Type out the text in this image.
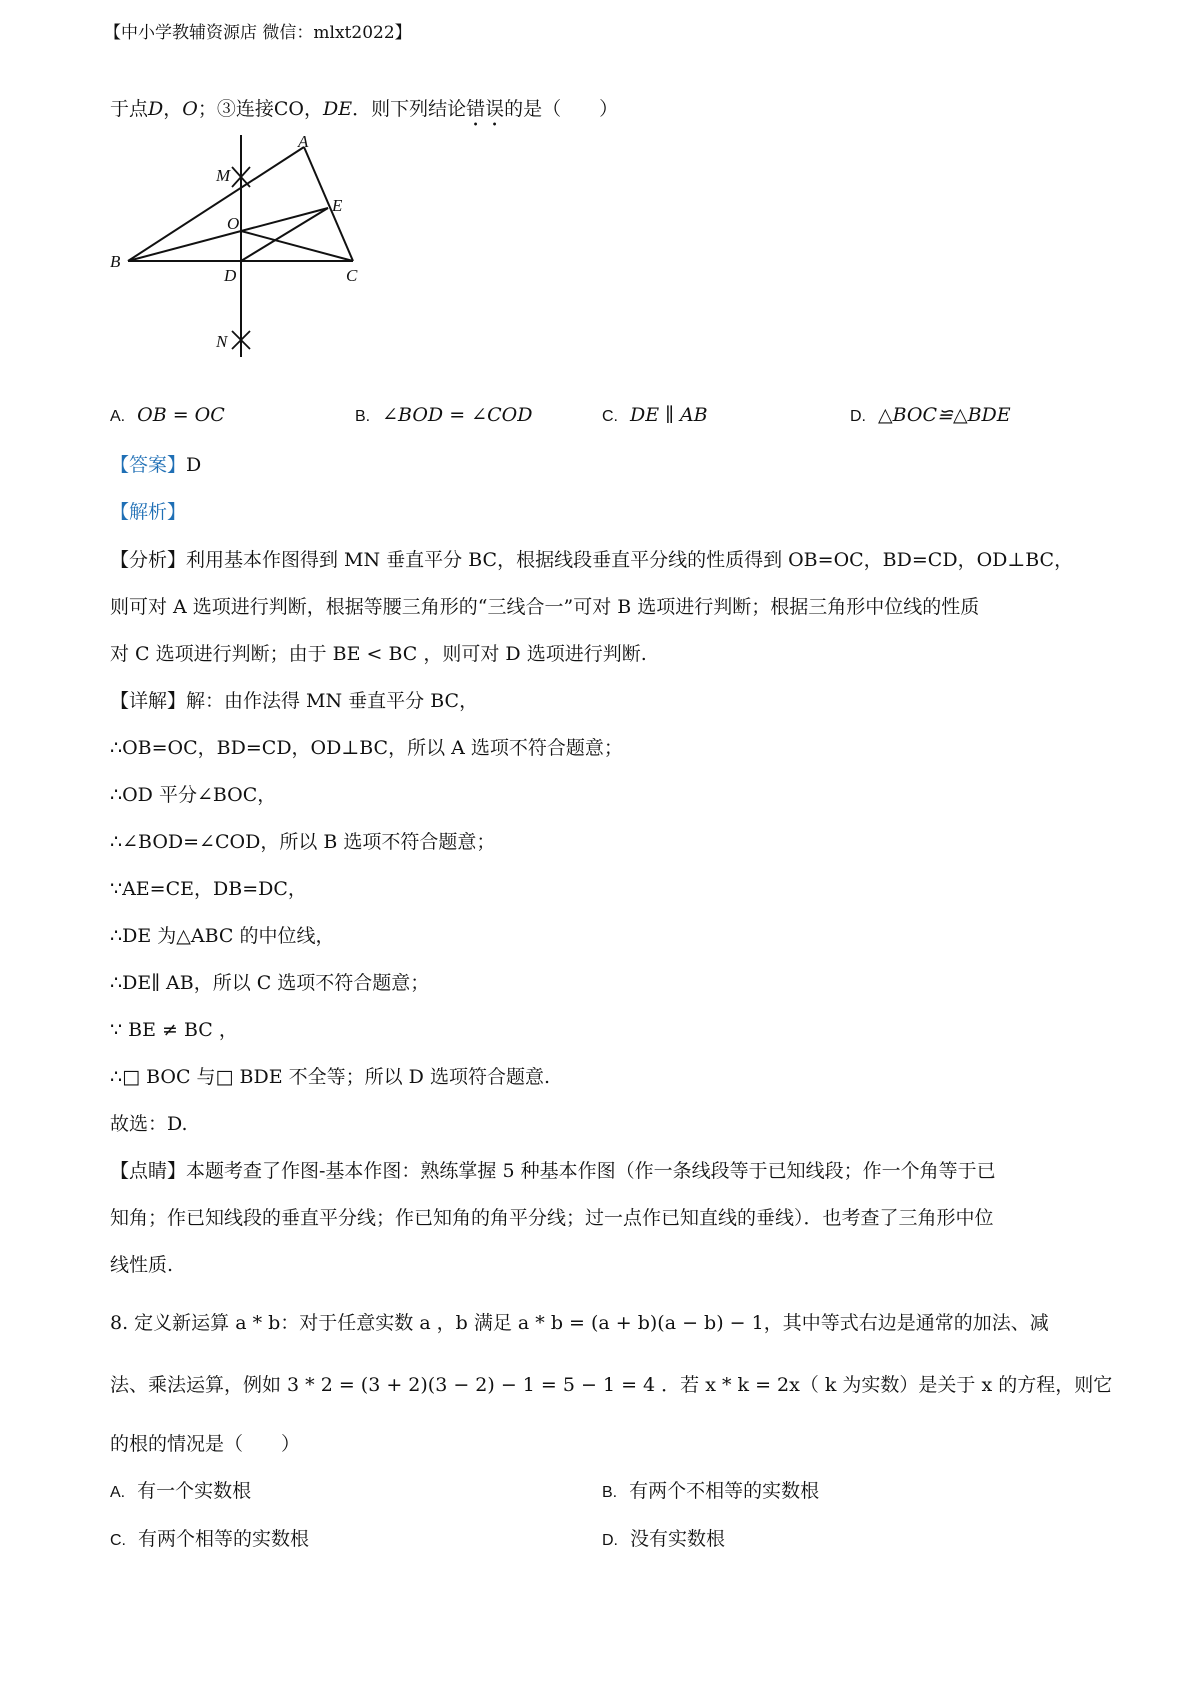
【中小学教辅资源店 微信：mlxt2022】
于点D，O；③连接CO，DE．则下列结论错误的是（　　）
A
B
C
D
E
M
N
O
A. OB = OC	B. ∠BOD = ∠COD	C. DE ∥ AB	D. △BOC≌△BDE
【答案】D
【解析】
【分析】利用基本作图得到 MN 垂直平分 BC，根据线段垂直平分线的性质得到 OB=OC，BD=CD，OD⊥BC，
则可对 A 选项进行判断，根据等腰三角形的“三线合一”可对 B 选项进行判断；根据三角形中位线的性质
对 C 选项进行判断；由于 BE < BC ，则可对 D 选项进行判断.
【详解】解：由作法得 MN 垂直平分 BC，
∴OB=OC，BD=CD，OD⊥BC，所以 A 选项不符合题意；
∴OD 平分∠BOC，
∴∠BOD=∠COD，所以 B 选项不符合题意；
∵AE=CE，DB=DC，
∴DE 为△ABC 的中位线，
∴DE∥ AB，所以 C 选项不符合题意；
∵ BE ≠ BC ，
∴□ BOC 与□ BDE 不全等；所以 D 选项符合题意.
故选：D.
【点睛】本题考查了作图-基本作图：熟练掌握 5 种基本作图（作一条线段等于已知线段；作一个角等于已
知角；作已知线段的垂直平分线；作已知角的角平分线；过一点作已知直线的垂线）．也考查了三角形中位
线性质.
8. 定义新运算 a * b：对于任意实数 a ，b 满足 a * b = (a + b)(a − b) − 1，其中等式右边是通常的加法、减
法、乘法运算，例如 3 * 2 = (3 + 2)(3 − 2) − 1 = 5 − 1 = 4 ．若 x * k = 2x（ k 为实数）是关于 x 的方程，则它
的根的情况是（　　）
A. 有一个实数根	B. 有两个不相等的实数根
C. 有两个相等的实数根	D. 没有实数根
